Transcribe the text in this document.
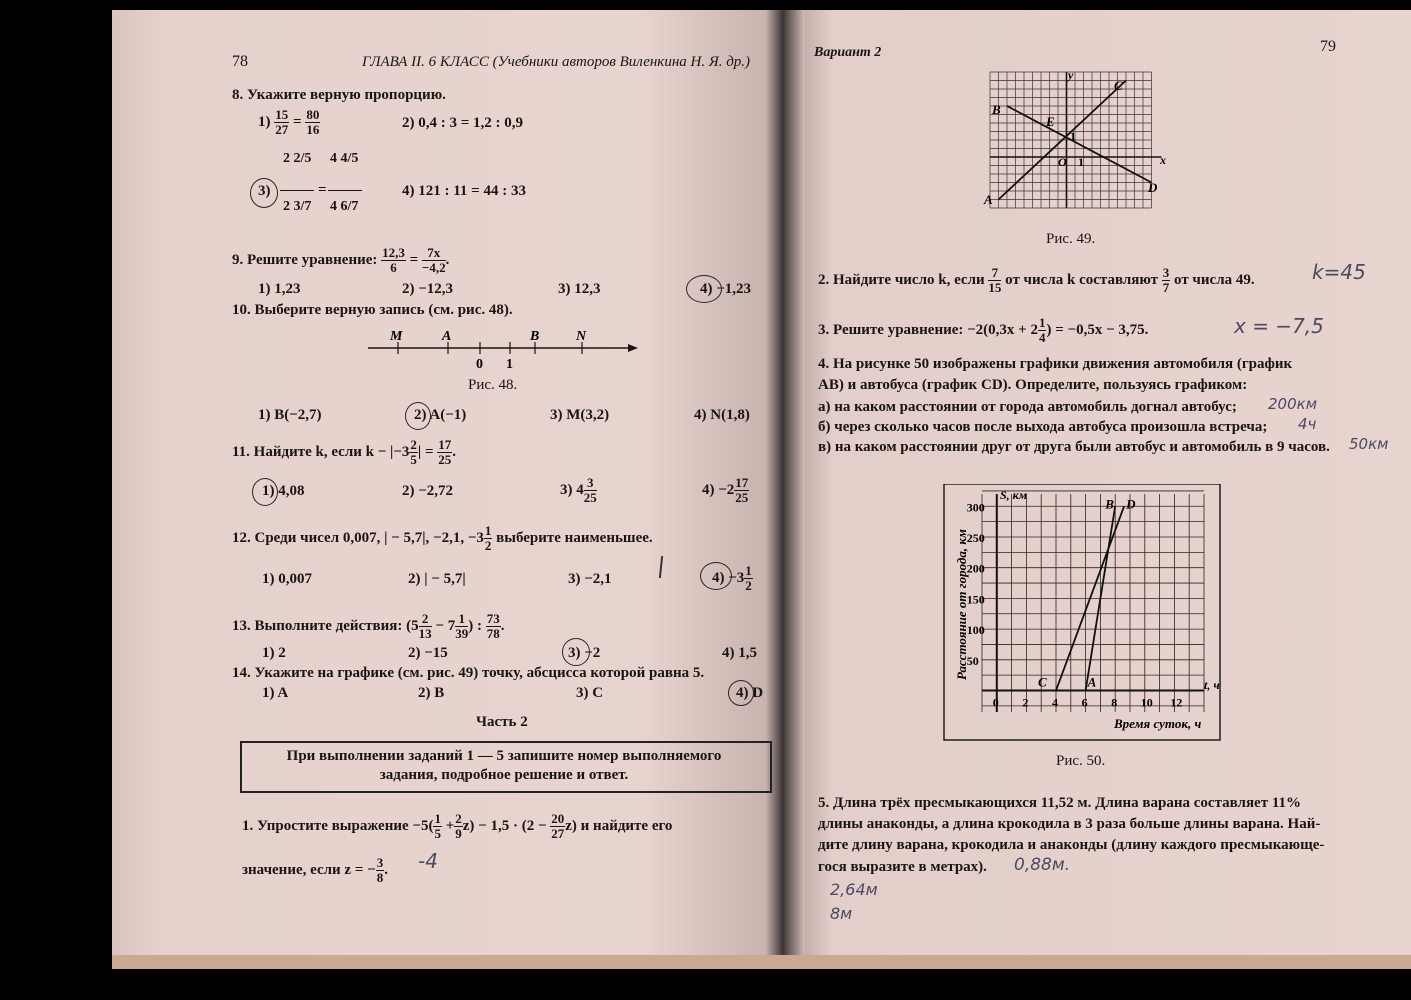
78	ГЛАВА II. 6 КЛАСС (Учебники авторов Виленкина Н. Я. др.)
8. Укажите верную пропорцию.
$1) \frac{15}{27} = \frac{80}{16}$	2) 0,4 : 3 = 1,2 : 0,9
3)
2 2/5
2 3/7
=
4 4/5
4 6/7
4) 121 : 11 = 44 : 33
9. Решите уравнение: $\frac{12,3}{6} = \frac{7x}{-4,2}$ .
1) 1,23	2) −12,3	3) 12,3	4) −1,23
10. Выберите верную запись (см. рис. 48).
M	A	B	N
0 1
Рис. 48.
1) B(−2,7)	2) A(−1)	3) M(3,2)	4) N(1,8)
11. Найдите k, если $k - |-3 \frac{2}{5}$ | = $\frac{17}{25}$ .
1) 4,08	2) −2,72	3) $4 \frac{3}{25}$	$4) -2 \frac{17}{25}$
12. Среди чисел 0,007, | − 5,7|, −2,1, $-3 \frac{1}{2}$ выберите наименьшее.
1) 0,007	2) | − 5,7|	3) −2,1	$4) -3 \frac{1}{2}$
13. Выполните действия: ($5 \frac{2}{13} - 7 \frac{1}{39}$ ) : $\frac{73}{78}$ .
1) 2	2) −15	3) −2	4) 1,5
14. Укажите на графике (см. рис. 49) точку, абсцисса которой равна 5.
1) A	2) B	3) C	4) D
Часть 2
При выполнении заданий 1 — 5 запишите номер выполняемого
задания, подробное решение и ответ.
1. Упростите выражение $-5( \frac{1}{5} + \frac{2}{9} z) - 1,5 \cdot (2 - \frac{20}{27} z)$ и найдите его
значение, если z = − $\frac{3}{8}$ . -4
Вариант 2	79
y
x
C
B
E
1
O 1
A
D
Рис. 49.
2. Найдите число k, если $\frac{7}{15}$ от числа k составляют $\frac{3}{7}$ от числа 49.	k=45
3. Решите уравнение: $-2(0,3x + 2 \frac{1}{4}$ ) = −0,5x − 3,75.	x = −7,5
4. На рисунке 50 изображены графики движения автомобиля (график
AB) и автобуса (график CD). Определите, пользуясь графиком:
а) на каком расстоянии от города автомобиль догнал автобус; 200км
б) через сколько часов после выхода автобуса произошла встреча; 4ч
в) на каком расстоянии друг от друга были автобус и автомобиль в 9 часов. 50км
Расстояние от города, км
S, км
t, ч
Время суток, ч
300
250
200
150
100
50
0 2 4 6 8 10 12
C	A
B D
Рис. 50.
5. Длина трёх пресмыкающихся 11,52 м. Длина варана составляет 11%
длины анаконды, а длина крокодила в 3 раза больше длины варана. Най-
дите длину варана, крокодила и анаконды (длину каждого пресмыкающе-
гося выразите в метрах). 0,88м.
2,64м
8м
